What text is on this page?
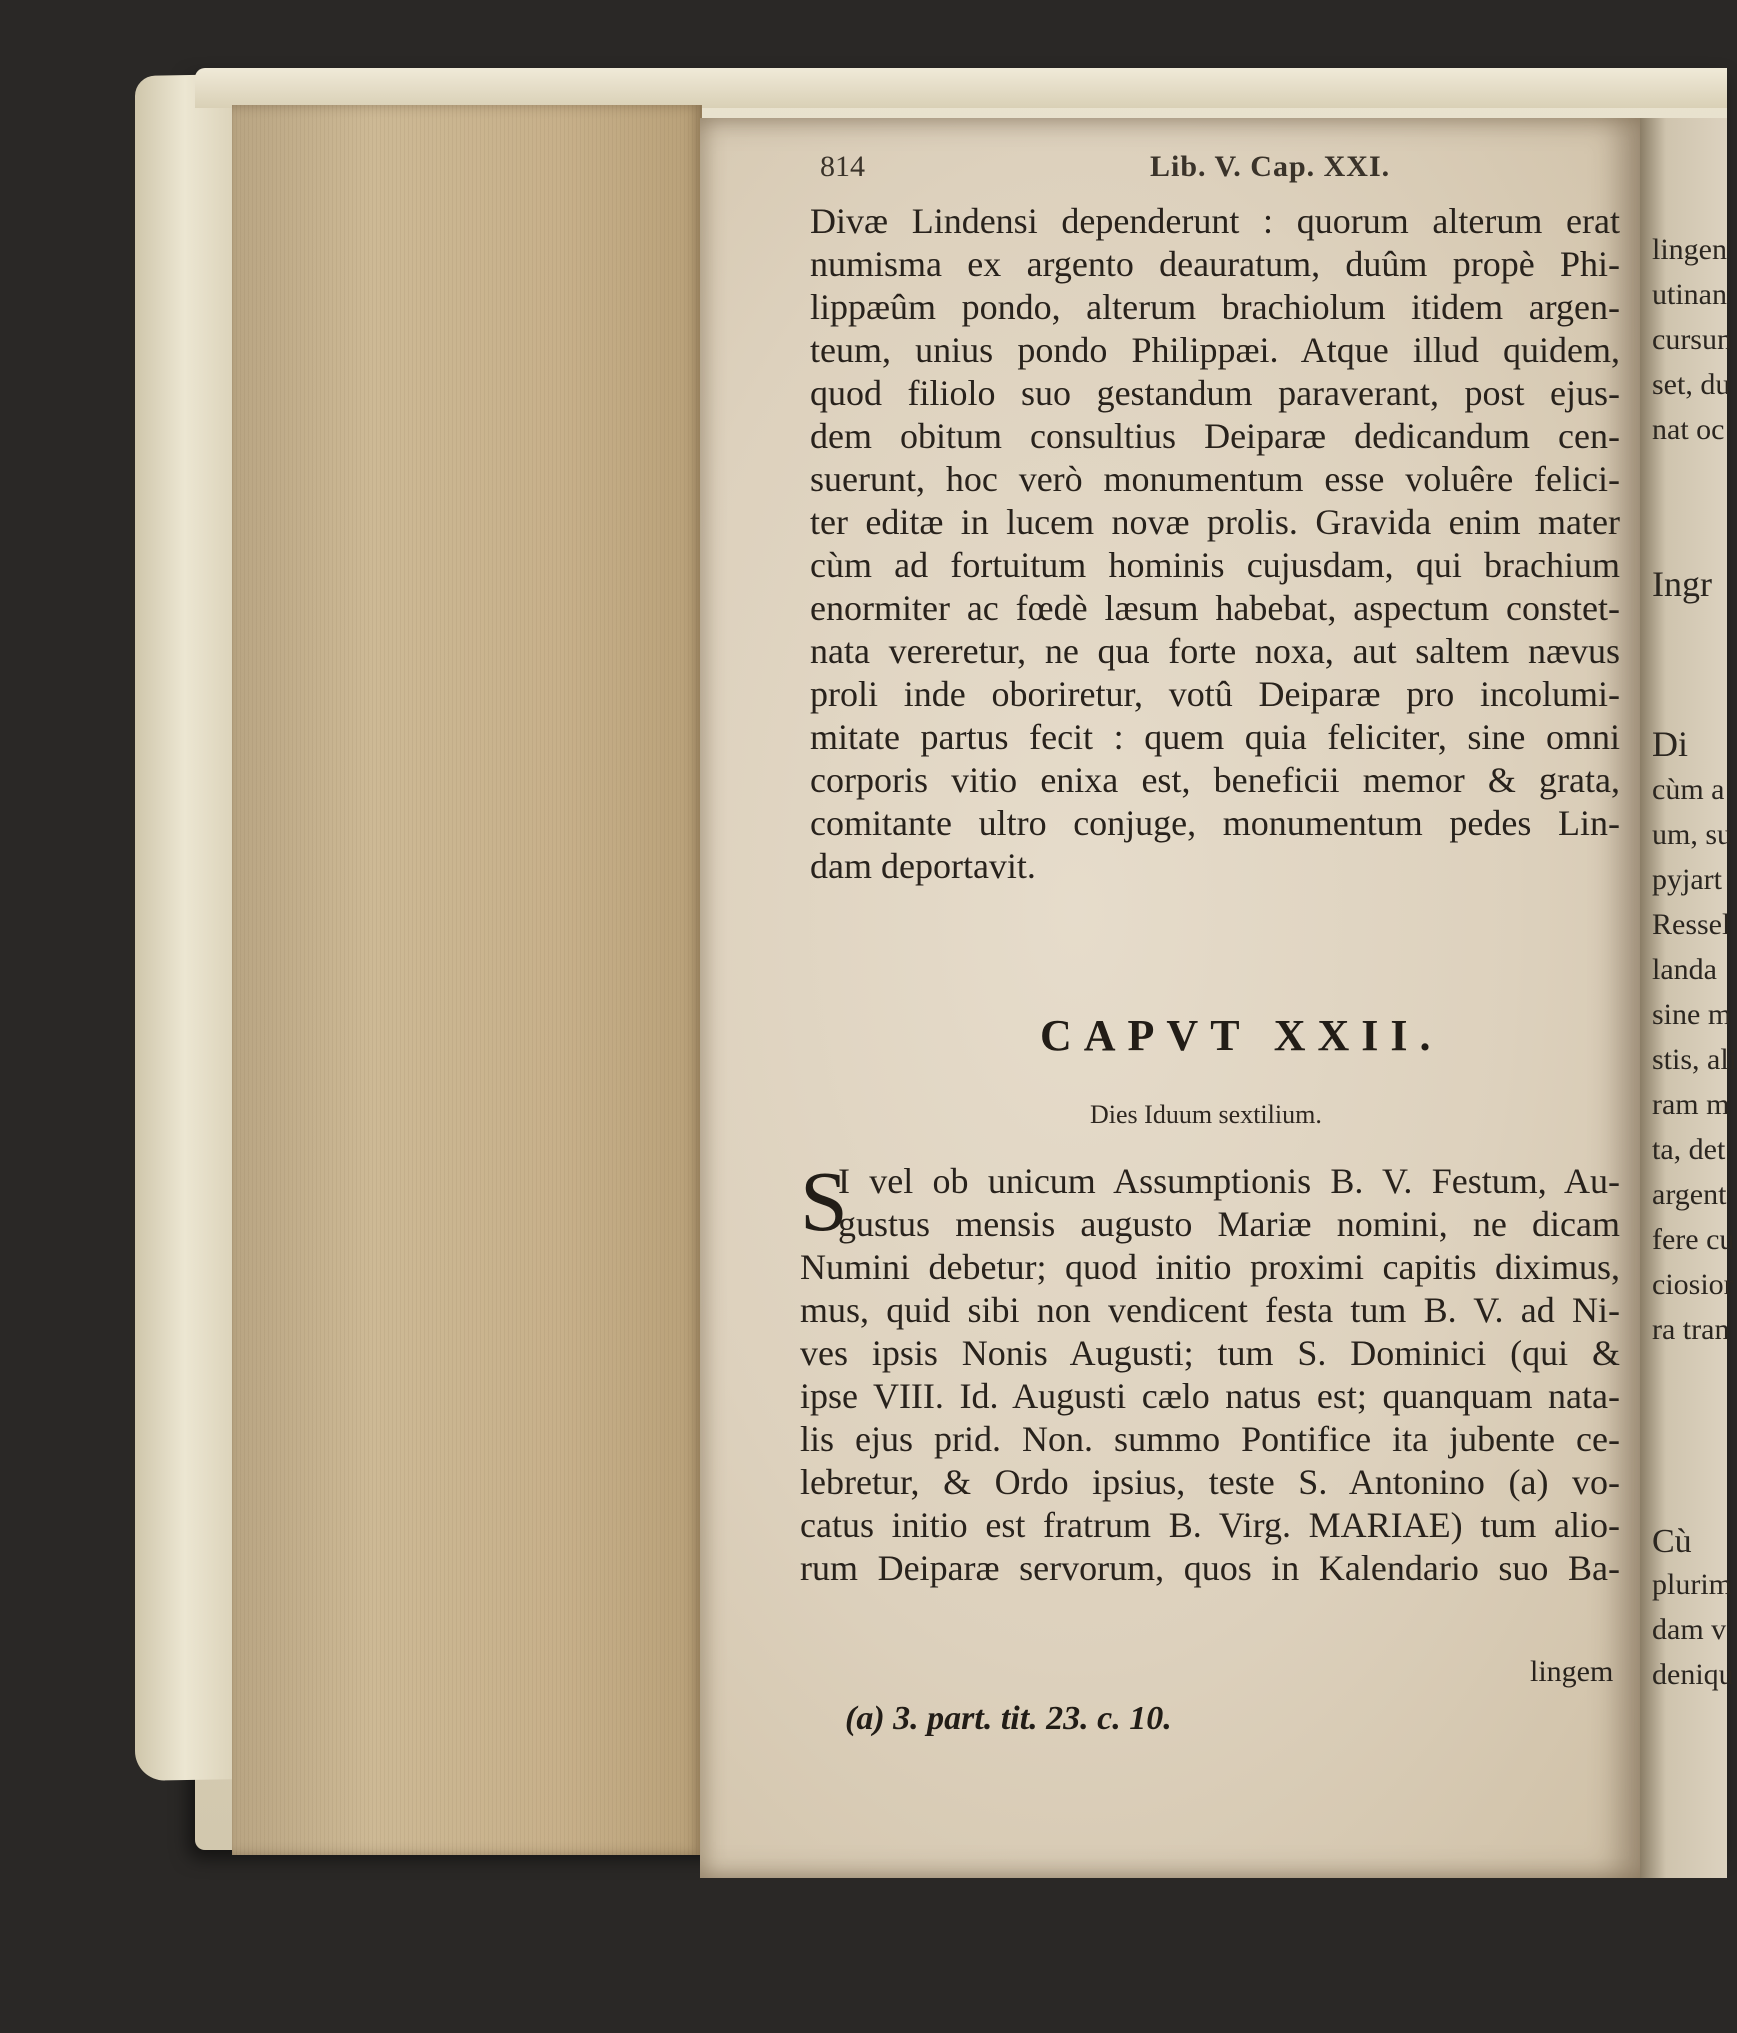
lingen
utinan
cursun
set, du
nat oc
Ingr
Di
cùm a
um, su
pyjart
Ressel
landa
sine m
stis, ali
ram m
ta, det
argent
fere cu
ciosior
ra tran
Cù
plurim
dam v
deniqu
814	Lib. V. Cap. XXI.
Divæ Lindensi dependerunt : quorum alterum erat
numisma ex argento deauratum, duûm propè Phi-
lippæûm pondo, alterum brachiolum itidem argen-
teum, unius pondo Philippæi. Atque illud quidem,
quod filiolo suo gestandum paraverant, post ejus-
dem obitum consultius Deiparæ dedicandum cen-
suerunt, hoc verò monumentum esse voluêre felici-
ter editæ in lucem novæ prolis. Gravida enim mater
cùm ad fortuitum hominis cujusdam, qui brachium
enormiter ac fœdè læsum habebat, aspectum constet-
nata vereretur, ne qua forte noxa, aut saltem nævus
proli inde oboriretur, votû Deiparæ pro incolumi-
mitate partus fecit : quem quia feliciter, sine omni
corporis vitio enixa est, beneficii memor & grata,
comitante ultro conjuge, monumentum pedes Lin-
dam deportavit.
CAPVT XXII.
Dies Iduum sextilium.
S
I vel ob unicum Assumptionis B. V. Festum, Au-
gustus mensis augusto Mariæ nomini, ne dicam
Numini debetur; quod initio proximi capitis diximus,
mus, quid sibi non vendicent festa tum B. V. ad Ni-
ves ipsis Nonis Augusti; tum S. Dominici (qui &
ipse VIII. Id. Augusti cælo natus est; quanquam nata-
lis ejus prid. Non. summo Pontifice ita jubente ce-
lebretur, & Ordo ipsius, teste S. Antonino (a) vo-
catus initio est fratrum B. Virg. MARIAE) tum alio-
rum Deiparæ servorum, quos in Kalendario suo Ba-
lingem
(a) 3. part. tit. 23. c. 10.
